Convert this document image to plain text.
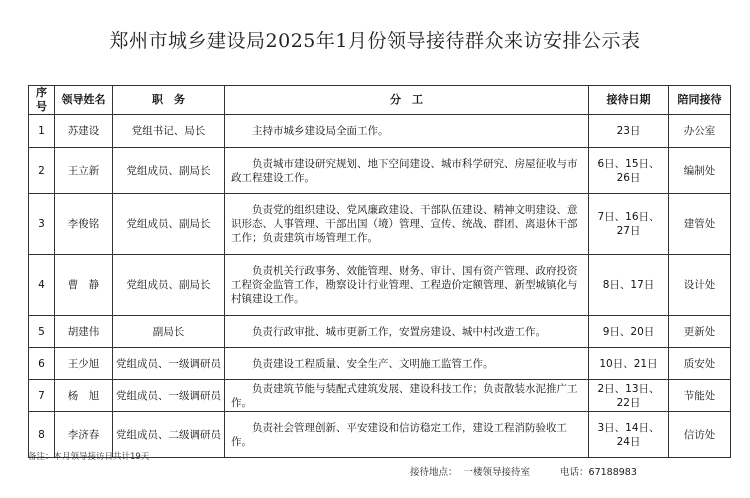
郑州市城乡建设局2025年1月份领导接待群众来访安排公示表
序号	领导姓名	职　务	分　工	接待日期	陪同接待
1	苏建设	党组书记、局长	主持市城乡建设局全面工作。	23日	办公室
2	王立新	党组成员、副局长	负责城市建设研究规划、地下空间建设、城市科学研究、房屋征收与市政工程建设工作。	6日、15日、26日	编制处
3	李俊铭	党组成员、副局长	负责党的组织建设、党风廉政建设、干部队伍建设、精神文明建设、意识形态、人事管理、干部出国（境）管理、宣传、统战、群团、离退休干部工作；负责建筑市场管理工作。	7日、16日、27日	建管处
4	曹　静	党组成员、副局长	负责机关行政事务、效能管理、财务、审计、国有资产管理、政府投资工程资金监管工作，勘察设计行业管理、工程造价定额管理、新型城镇化与村镇建设工作。	8日、17日	设计处
5	胡建伟	副局长	负责行政审批、城市更新工作，安置房建设、城中村改造工作。	9日、20日	更新处
6	王少旭	党组成员、一级调研员	负责建设工程质量、安全生产、文明施工监管工作。	10日、21日	质安处
7	杨　旭	党组成员、一级调研员	负责建筑节能与装配式建筑发展、建设科技工作；负责散装水泥推广工作。	2日、13日、22日	节能处
8	李济春	党组成员、二级调研员	负责社会管理创新、平安建设和信访稳定工作，建设工程消防验收工作。	3日、14日、24日	信访处
备注：本月领导接访日共计19天
接待地点： 一楼领导接待室	电话：67188983
